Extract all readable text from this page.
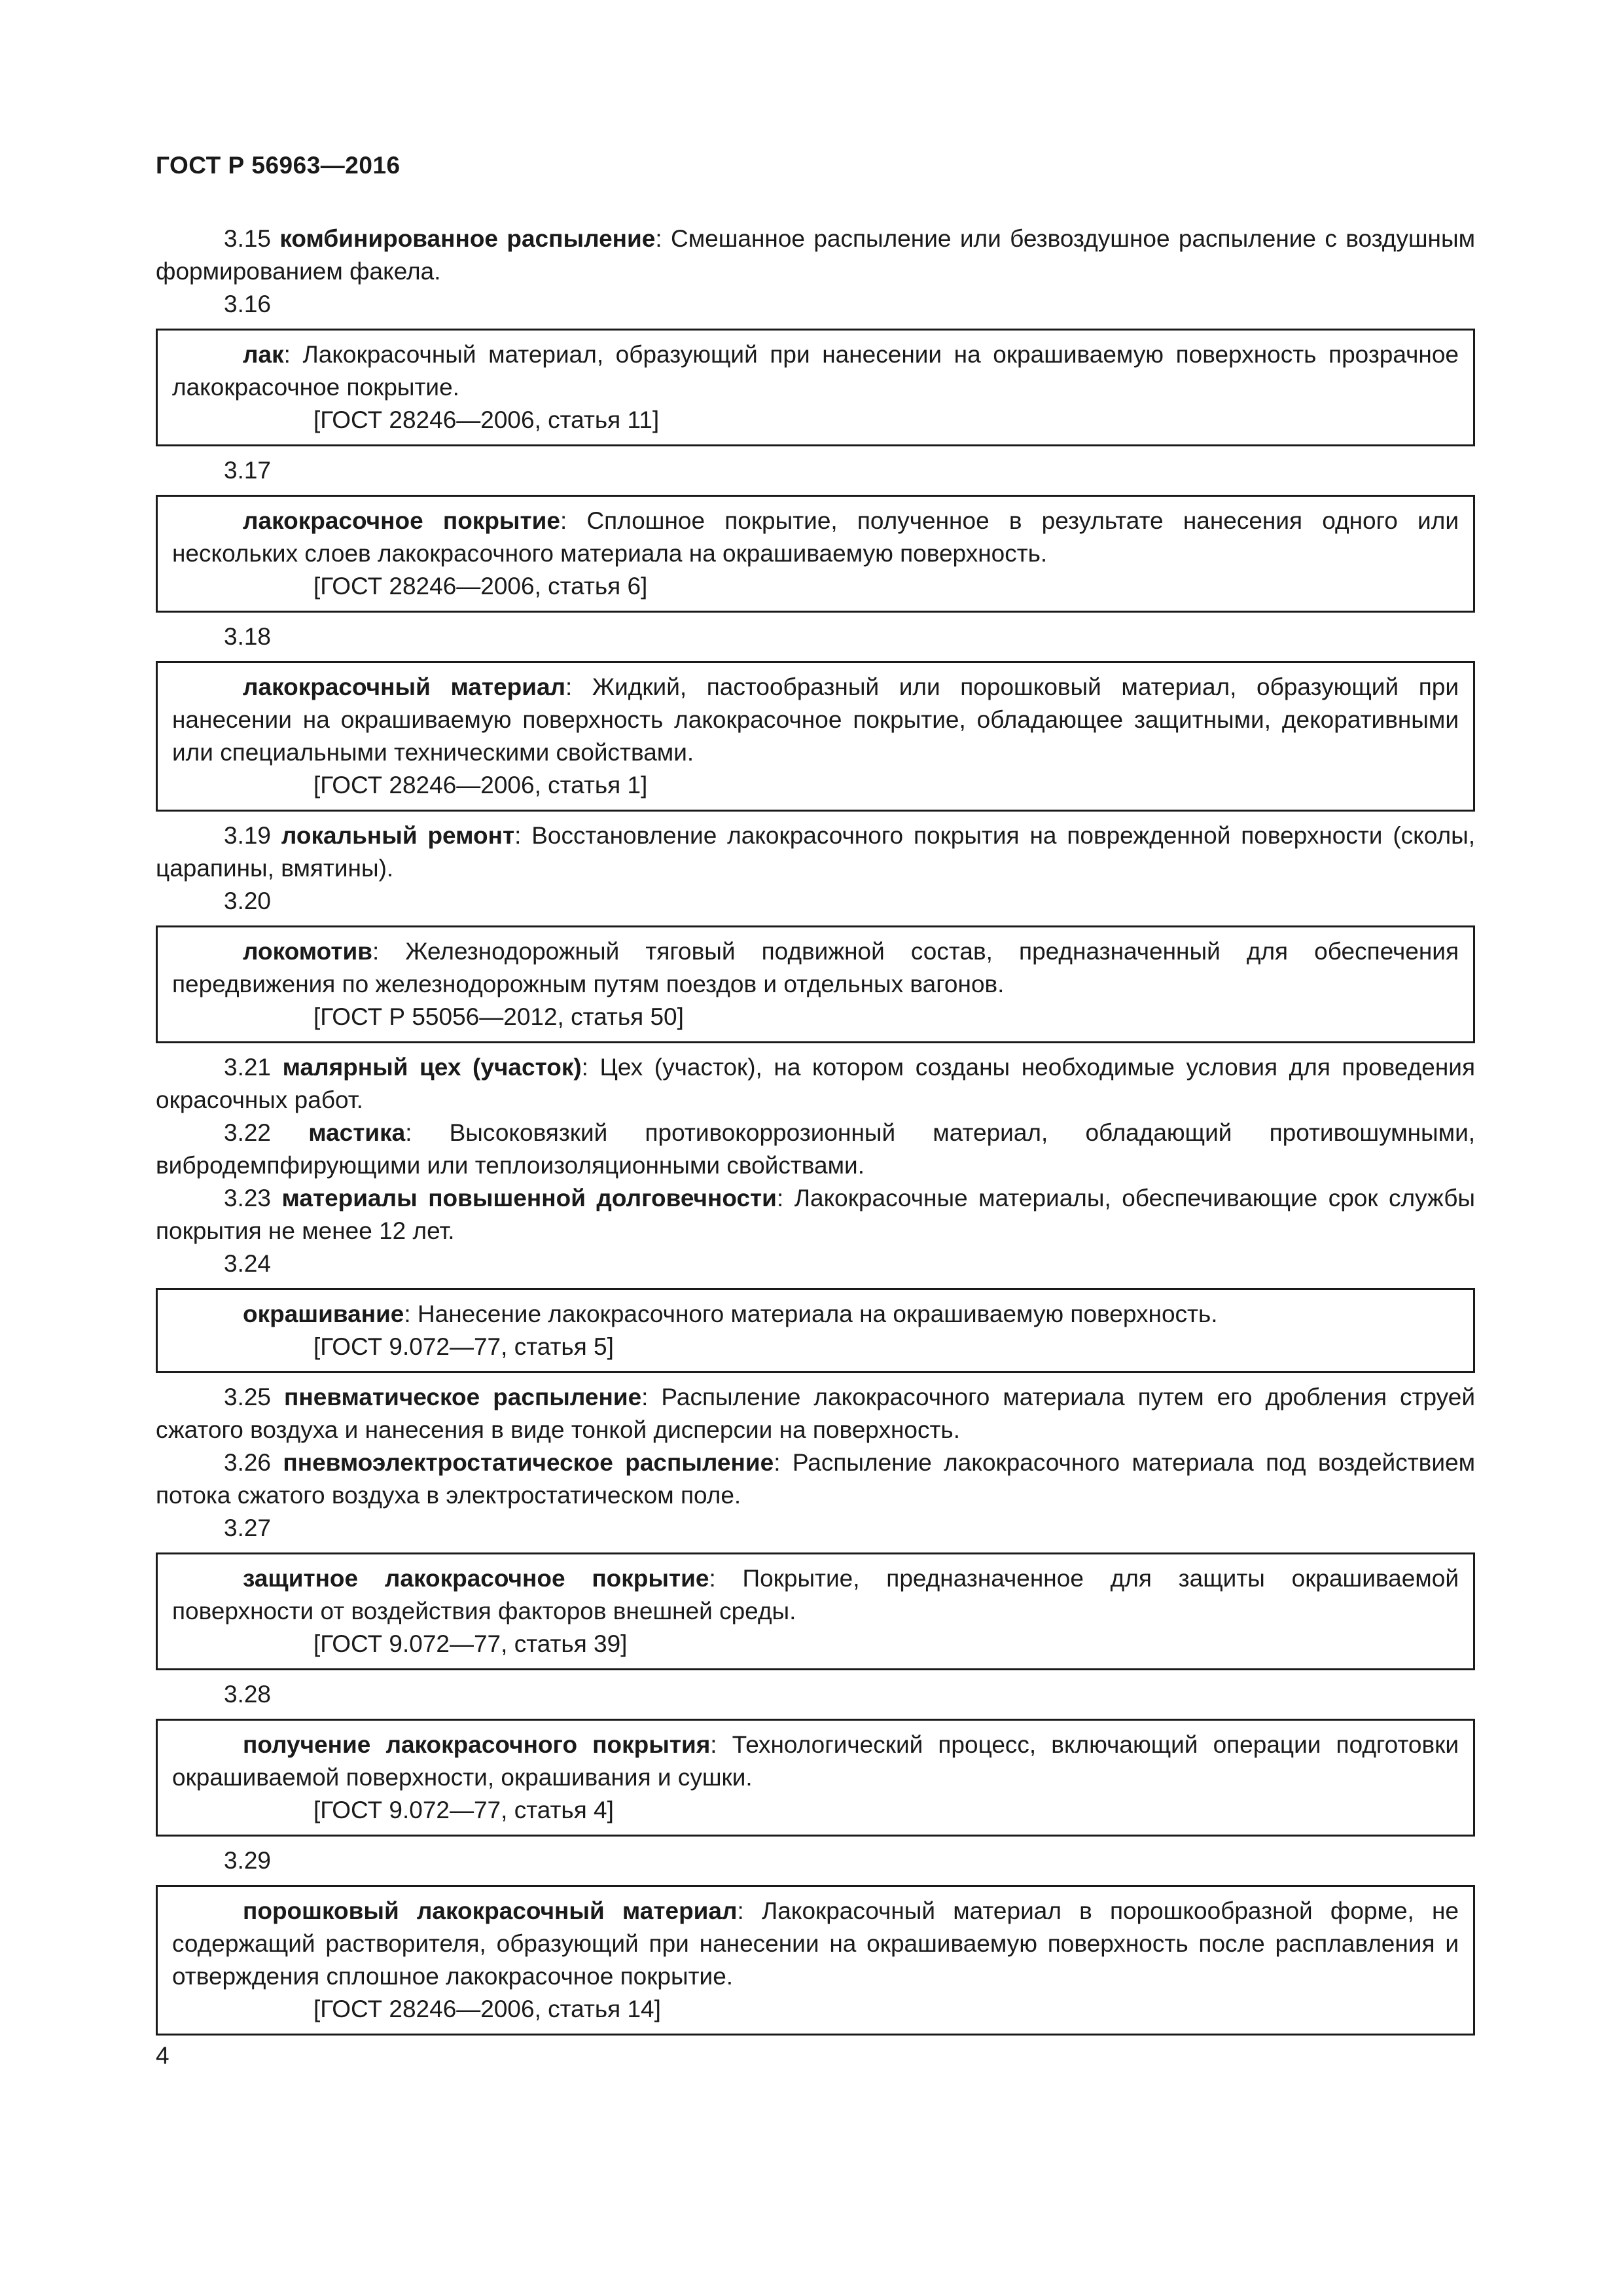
ГОСТ Р 56963—2016

3.15 комбинированное распыление: Смешанное распыление или безвоздушное распыление с воздушным формированием факела.

3.16

лак: Лакокрасочный материал, образующий при нанесении на окрашиваемую поверхность прозрачное лакокрасочное покрытие.

[ГОСТ 28246—2006, статья 11]

3.17

лакокрасочное покрытие: Сплошное покрытие, полученное в результате нанесения одного или нескольких слоев лакокрасочного материала на окрашиваемую поверхность.

[ГОСТ 28246—2006, статья 6]

3.18

лакокрасочный материал: Жидкий, пастообразный или порошковый материал, образующий при нанесении на окрашиваемую поверхность лакокрасочное покрытие, обладающее защитными, декоративными или специальными техническими свойствами.

[ГОСТ 28246—2006, статья 1]

3.19 локальный ремонт: Восстановление лакокрасочного покрытия на поврежденной поверхности (сколы, царапины, вмятины).

3.20

локомотив: Железнодорожный тяговый подвижной состав, предназначенный для обеспечения передвижения по железнодорожным путям поездов и отдельных вагонов.

[ГОСТ Р 55056—2012, статья 50]

3.21 малярный цех (участок): Цех (участок), на котором созданы необходимые условия для проведения окрасочных работ.

3.22 мастика: Высоковязкий противокоррозионный материал, обладающий противошумными, вибродемпфирующими или теплоизоляционными свойствами.

3.23 материалы повышенной долговечности: Лакокрасочные материалы, обеспечивающие срок службы покрытия не менее 12 лет.

3.24

окрашивание: Нанесение лакокрасочного материала на окрашиваемую поверхность.

[ГОСТ 9.072—77, статья 5]

3.25 пневматическое распыление: Распыление лакокрасочного материала путем его дробления струей сжатого воздуха и нанесения в виде тонкой дисперсии на поверхность.

3.26 пневмоэлектростатическое распыление: Распыление лакокрасочного материала под воздействием потока сжатого воздуха в электростатическом поле.

3.27

защитное лакокрасочное покрытие: Покрытие, предназначенное для защиты окрашиваемой поверхности от воздействия факторов внешней среды.

[ГОСТ 9.072—77, статья 39]

3.28

получение лакокрасочного покрытия: Технологический процесс, включающий операции подготовки окрашиваемой поверхности, окрашивания и сушки.

[ГОСТ 9.072—77, статья 4]

3.29

порошковый лакокрасочный материал: Лакокрасочный материал в порошкообразной форме, не содержащий растворителя, образующий при нанесении на окрашиваемую поверхность после расплавления и отверждения сплошное лакокрасочное покрытие.

[ГОСТ 28246—2006, статья 14]

4
